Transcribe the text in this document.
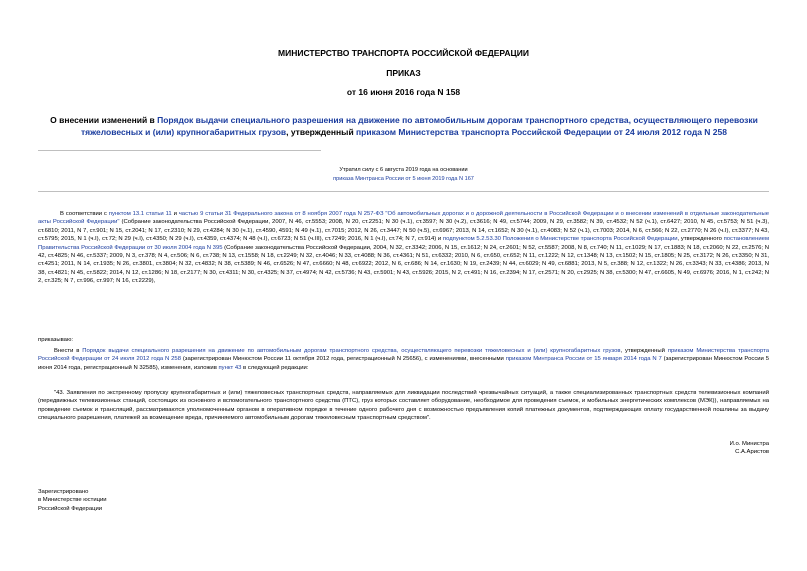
МИНИСТЕРСТВО ТРАНСПОРТА РОССИЙСКОЙ ФЕДЕРАЦИИ
ПРИКАЗ
от 16 июня 2016 года N 158
О внесении изменений в Порядок выдачи специального разрешения на движение по автомобильным дорогам транспортного средства, осуществляющего перевозки тяжеловесных и (или) крупногабаритных грузов, утвержденный приказом Министерства транспорта Российской Федерации от 24 июля 2012 года N 258
Утратил силу с 6 августа 2019 года на основании
приказа Минтранса России от 5 июня 2019 года N 167
В соответствии с пунктом 13.1 статьи 11 и частью 9 статьи 31 Федерального закона от 8 ноября 2007 года N 257-ФЗ "Об автомобильных дорогах и о дорожной деятельности в Российской Федерации и о внесении изменений в отдельные законодательные акты Российской Федерации" (Собрание законодательства Российской Федерации, 2007, N 46, ст.5553; 2008, N 20, ст.2251; N 30 (ч.1), ст.3597; N 30 (ч.2), ст.3616; N 49, ст.5744; 2009, N 29, ст.3582; N 39, ст.4532; N 52 (ч.1), ст.6427; 2010, N 45, ст.5753; N 51 (ч.3), ст.6810; 2011, N 7, ст.901; N 15, ст.2041; N 17, ст.2310; N 29, ст.4284; N 30 (ч.1), ст.4590, 4591; N 49 (ч.1), ст.7015; 2012, N 26, ст.3447; N 50 (ч.5), ст.6967; 2013, N 14, ст.1652; N 30 (ч.1), ст.4083; N 52 (ч.1), ст.7003; 2014, N 6, ст.566; N 22, ст.2770; N 26 (ч.I), ст.3377; N 43, ст.5795; 2015, N 1 (ч.I), ст.72; N 29 (ч.I), ст.4350; N 29 (ч.I), ст.4359, ст.4374; N 48 (ч.I), ст.6723; N 51 (ч.III), ст.7249; 2016, N 1 (ч.I), ст.74; N 7, ст.914) и подпунктом 5.2.53.30 Положения о Министерстве транспорта Российской Федерации, утвержденного постановлением Правительства Российской Федерации от 30 июля 2004 года N 395 (Собрание законодательства Российской Федерации, 2004, N 32, ст.3342; 2006, N 15, ст.1612; N 24, ст.2601; N 52, ст.5587; 2008, N 8, ст.740; N 11, ст.1029; N 17, ст.1883; N 18, ст.2060; N 22, ст.2576; N 42, ст.4825; N 46, ст.5337; 2009, N 3, ст.378; N 4, ст.506; N 6, ст.738; N 13, ст.1558; N 18, ст.2249; N 32, ст.4046; N 33, ст.4088; N 36, ст.4361; N 51, ст.6332; 2010, N 6, ст.650, ст.652; N 11, ст.1222; N 12, ст.1348; N 13, ст.1502; N 15, ст.1805; N 25, ст.3172; N 26, ст.3350; N 31, ст.4251; 2011, N 14, ст.1935; N 26, ст.3801, ст.3804; N 32, ст.4832; N 38, ст.5389; N 46, ст.6526; N 47, ст.6660; N 48, ст.6922; 2012, N 6, ст.686; N 14, ст.1630; N 19, ст.2439; N 44, ст.6029; N 49, ст.6881; 2013, N 5, ст.388; N 12, ст.1322; N 26, ст.3343; N 33, ст.4386; 2013, N 38, ст.4821; N 45, ст.5822; 2014, N 12, ст.1286; N 18, ст.2177; N 30, ст.4311; N 30, ст.4325; N 37, ст.4974; N 42, ст.5736; N 43, ст.5901; N 43, ст.5926; 2015, N 2, ст.491; N 16, ст.2394; N 17, ст.2571; N 20, ст.2925; N 38, ст.5300; N 47, ст.6605, N 49, ст.6976; 2016, N 1, ст.242; N 2, ст.325; N 7, ст.996, ст.997; N 16, ст.2229),
приказываю:
Внести в Порядок выдачи специального разрешения на движение по автомобильным дорогам транспортного средства, осуществляющего перевозки тяжеловесных и (или) крупногабаритных грузов, утвержденный приказом Министерства транспорта Российской Федерации от 24 июля 2012 года N 258 (зарегистрирован Минюстом России 11 октября 2012 года, регистрационный N 25656), с изменениями, внесенными приказом Минтранса России от 15 января 2014 года N 7 (зарегистрирован Минюстом России 5 июня 2014 года, регистрационный N 32585), изменения, изложив пункт 43 в следующей редакции:
"43. Заявления по экстренному пропуску крупногабаритных и (или) тяжеловесных транспортных средств, направляемых для ликвидации последствий чрезвычайных ситуаций, а также специализированных транспортных средств телевизионных компаний (передвижных телевизионных станций, состоящих из основного и вспомогательного транспортного средства (ПТС), груз которых составляет оборудование, необходимое для проведения съемок, и мобильных энергетических комплексов (МЭК)), направляемых на проведение съемок и трансляций, рассматриваются уполномоченным органом в оперативном порядке в течение одного рабочего дня с возможностью предъявления копий платежных документов, подтверждающих оплату государственной пошлины за выдачу специального разрешения, платежей за возмещение вреда, причиняемого автомобильным дорогам тяжеловесным транспортным средством".
И.о. Министра
С.А.Аристов
Зарегистрировано
в Министерстве юстиции
Российской Федерации
